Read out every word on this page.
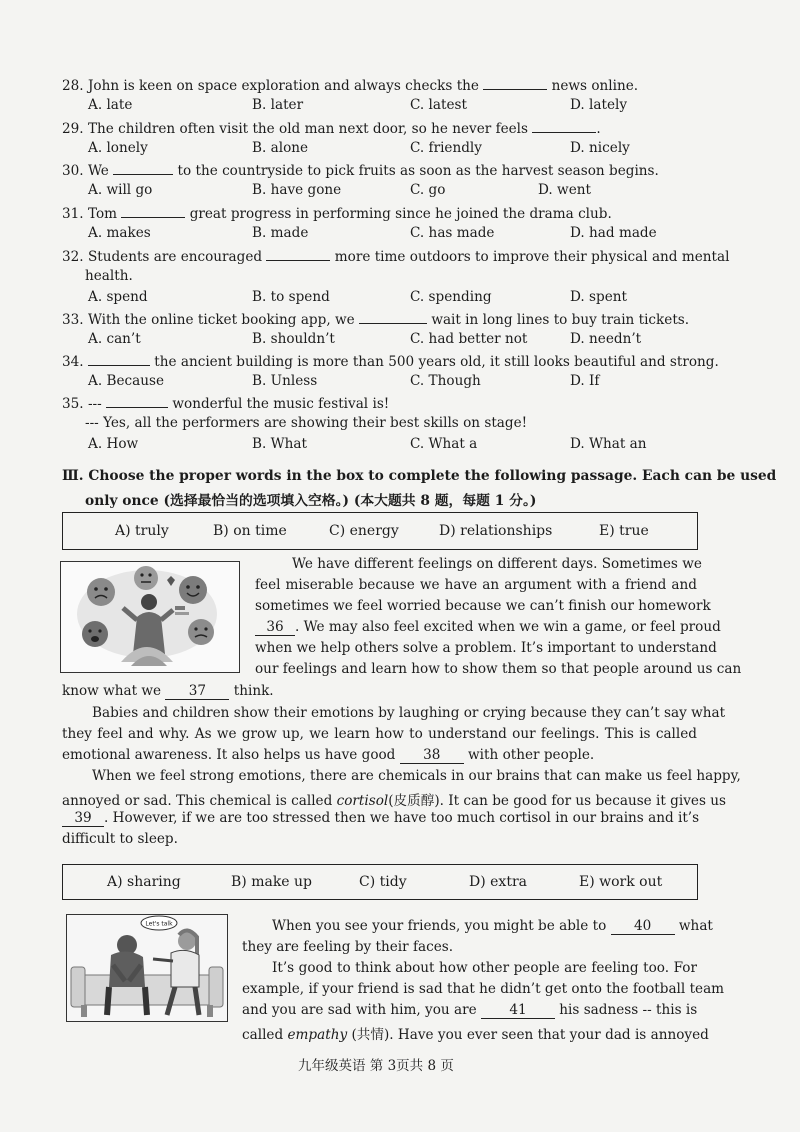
28. John is keen on space exploration and always checks the	news online.
A. late	B. later	C. latest	D. lately
29. The children often visit the old man next door, so he never feels	.
A. lonely	B. alone	C. friendly	D. nicely
30. We	to the countryside to pick fruits as soon as the harvest season begins.
A. will go	B. have gone	C. go	D. went
31. Tom	great progress in performing since he joined the drama club.
A. makes	B. made	C. has made	D. had made
32. Students are encouraged	more time outdoors to improve their physical and mental
health.
A. spend	B. to spend	C. spending	D. spent
33. With the online ticket booking app, we	wait in long lines to buy train tickets.
A. can’t	B. shouldn’t	C. had better not	D. needn’t
34.	the ancient building is more than 500 years old, it still looks beautiful and strong.
A. Because	B. Unless	C. Though	D. If
35. ---	wonderful the music festival is!
--- Yes, all the performers are showing their best skills on stage!
A. How	B. What	C. What a	D. What an
Ⅲ. Choose the proper words in the box to complete the following passage. Each can be used
only once (选择最恰当的选项填入空格。) (本大题共 8 题，每题 1 分。)
A) truly	B) on time	C) energy	D) relationships	E) true
We have different feelings on different days. Sometimes we
feel miserable because we have an argument with a friend and
sometimes we feel worried because we can’t finish our homework
36 . We may also feel excited when we win a game, or feel proud
when we help others solve a problem. It’s important to understand
our feelings and learn how to show them so that people around us can
know what we 37 think.
Babies and children show their emotions by laughing or crying because they can’t say what
they feel and why. As we grow up, we learn how to understand our feelings. This is called
emotional awareness. It also helps us have good 38 with other people.
When we feel strong emotions, there are chemicals in our brains that can make us feel happy,
annoyed or sad. This chemical is called cortisol(皮质醇). It can be good for us because it gives us
39 . However, if we are too stressed then we have too much cortisol in our brains and it’s
difficult to sleep.
A) sharing	B) make up	C) tidy	D) extra	E) work out
Let's talk	When you see your friends, you might be able to 40 what
they are feeling by their faces.
It’s good to think about how other people are feeling too. For
example, if your friend is sad that he didn’t get onto the football team
and you are sad with him, you are 41 his sadness -- this is
called empathy (共情). Have you ever seen that your dad is annoyed
九年级英语 第 3页共 8 页
